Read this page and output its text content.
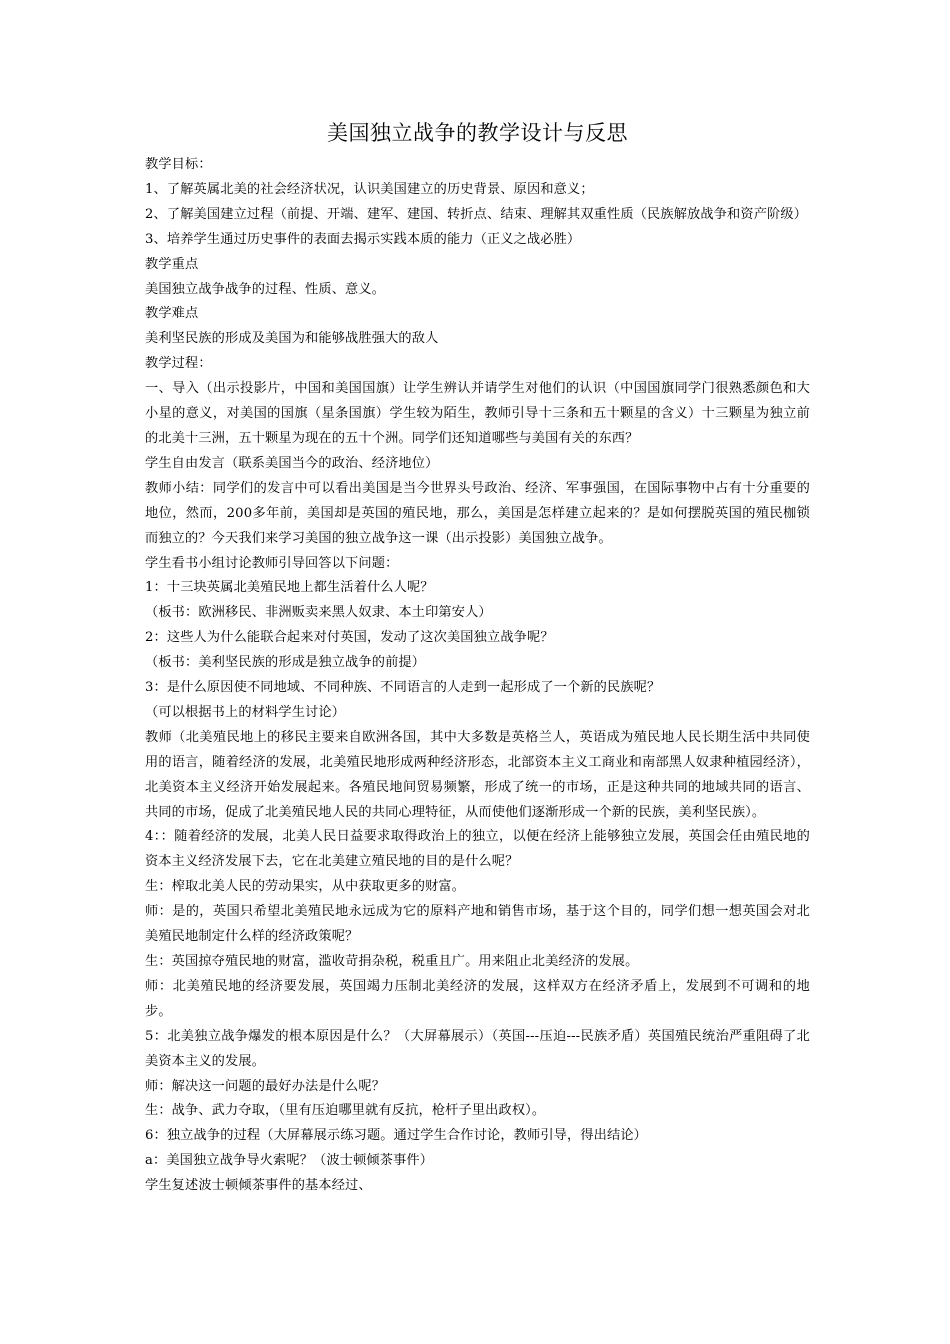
美国独立战争的教学设计与反思

教学目标：

1、了解英属北美的社会经济状况，认识美国建立的历史背景、原因和意义；

2、了解美国建立过程（前提、开端、建军、建国、转折点、结束、理解其双重性质（民族解放战争和资产阶级）

3、培养学生通过历史事件的表面去揭示实践本质的能力（正义之战必胜）

教学重点

美国独立战争战争的过程、性质、意义。

教学难点

美利坚民族的形成及美国为和能够战胜强大的敌人

教学过程：

一、导入（出示投影片，中国和美国国旗）让学生辨认并请学生对他们的认识（中国国旗同学门很熟悉颜色和大小星的意义，对美国的国旗（星条国旗）学生较为陌生，教师引导十三条和五十颗星的含义）十三颗星为独立前的北美十三洲，五十颗星为现在的五十个洲。同学们还知道哪些与美国有关的东西？

学生自由发言（联系美国当今的政治、经济地位）

教师小结：同学们的发言中可以看出美国是当今世界头号政治、经济、军事强国，在国际事物中占有十分重要的地位，然而，200多年前，美国却是英国的殖民地，那么，美国是怎样建立起来的？是如何摆脱英国的殖民枷锁而独立的？今天我们来学习美国的独立战争这一课（出示投影）美国独立战争。

学生看书小组讨论教师引导回答以下问题：

1：十三块英属北美殖民地上都生活着什么人呢？

（板书：欧洲移民、非洲贩卖来黑人奴隶、本土印第安人）

2：这些人为什么能联合起来对付英国，发动了这次美国独立战争呢？

（板书：美利坚民族的形成是独立战争的前提）

3：是什么原因使不同地域、不同种族、不同语言的人走到一起形成了一个新的民族呢？

（可以根据书上的材料学生讨论）

教师（北美殖民地上的移民主要来自欧洲各国，其中大多数是英格兰人，英语成为殖民地人民长期生活中共同使用的语言，随着经济的发展，北美殖民地形成两种经济形态，北部资本主义工商业和南部黑人奴隶种植园经济），北美资本主义经济开始发展起来。各殖民地间贸易频繁，形成了统一的市场，正是这种共同的地域共同的语言、共同的市场，促成了北美殖民地人民的共同心理特征，从而使他们逐渐形成一个新的民族，美利坚民族）。

4：：随着经济的发展，北美人民日益要求取得政治上的独立，以便在经济上能够独立发展，英国会任由殖民地的资本主义经济发展下去，它在北美建立殖民地的目的是什么呢？

生：榨取北美人民的劳动果实，从中获取更多的财富。

师：是的，英国只希望北美殖民地永远成为它的原料产地和销售市场，基于这个目的，同学们想一想英国会对北美殖民地制定什么样的经济政策呢？

生：英国掠夺殖民地的财富，滥收苛捐杂税，税重且广。用来阻止北美经济的发展。

师：北美殖民地的经济要发展，英国竭力压制北美经济的发展，这样双方在经济矛盾上，发展到不可调和的地步。

5：北美独立战争爆发的根本原因是什么？（大屏幕展示）（英国---压迫---民族矛盾）英国殖民统治严重阻碍了北美资本主义的发展。

师：解决这一问题的最好办法是什么呢？

生：战争、武力夺取，（里有压迫哪里就有反抗，枪杆子里出政权）。

6：独立战争的过程（大屏幕展示练习题。通过学生合作讨论，教师引导，得出结论）

a：美国独立战争导火索呢？（波士顿倾茶事件）

学生复述波士顿倾茶事件的基本经过、
